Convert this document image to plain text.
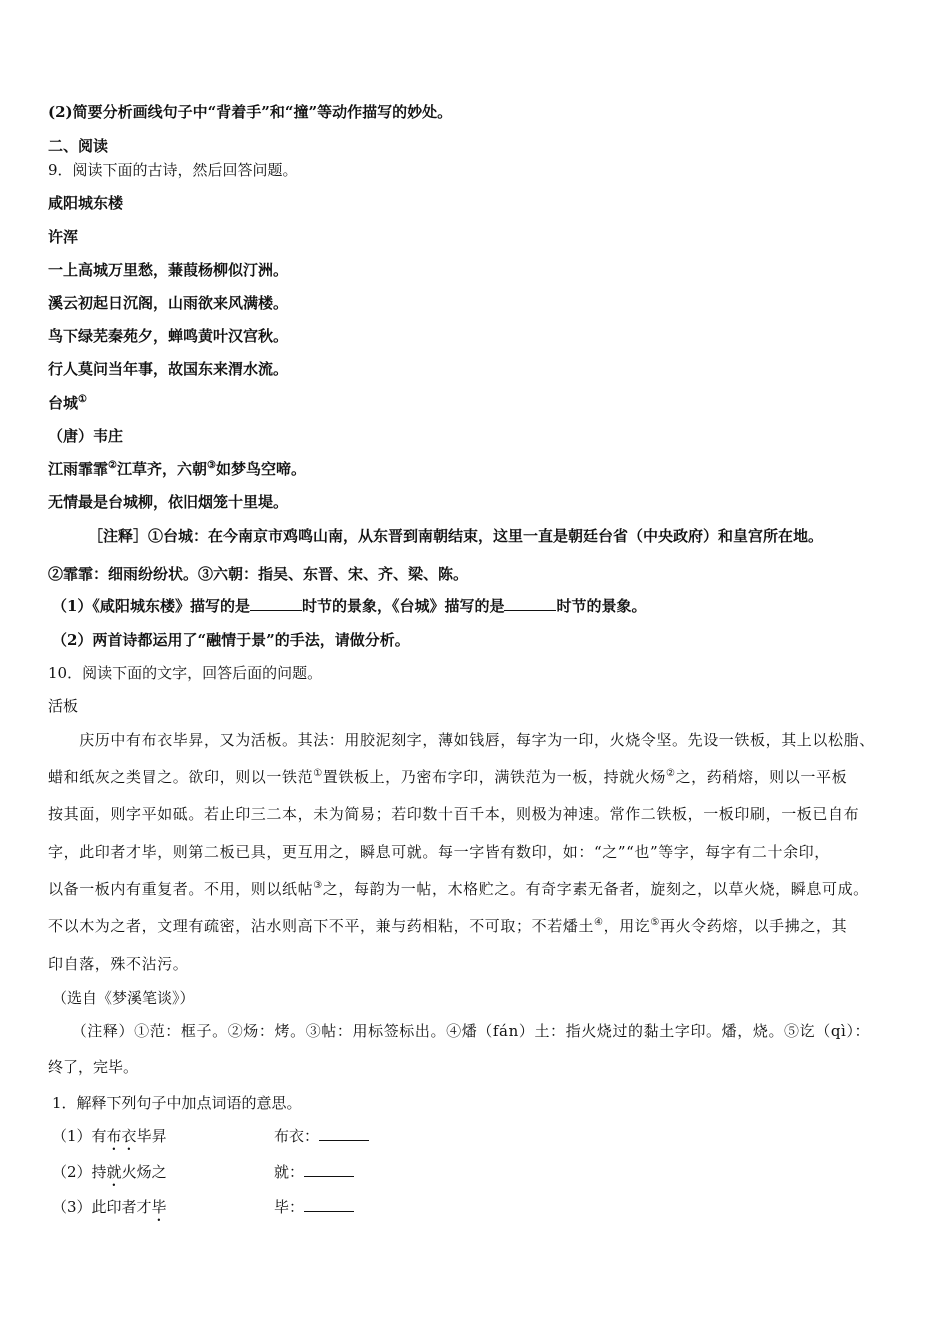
(2)简要分析画线句子中“背着手”和“撞”等动作描写的妙处。
二、阅读
9．阅读下面的古诗，然后回答问题。
咸阳城东楼
许浑
一上高城万里愁，蒹葭杨柳似汀洲。
溪云初起日沉阁，山雨欲来风满楼。
鸟下绿芜秦苑夕，蝉鸣黄叶汉宫秋。
行人莫问当年事，故国东来渭水流。
台城①
（唐）韦庄
江雨霏霏②江草齐，六朝③如梦鸟空啼。
无情最是台城柳，依旧烟笼十里堤。
［注释］①台城：在今南京市鸡鸣山南，从东晋到南朝结束，这里一直是朝廷台省（中央政府）和皇宫所在地。
②霏霏：细雨纷纷状。③六朝：指吴、东晋、宋、齐、梁、陈。
（1）《咸阳城东楼》描写的是	时节的景象，《台城》描写的是	时节的景象。
（2）两首诗都运用了“融情于景”的手法，请做分析。
10．阅读下面的文字，回答后面的问题。
活板
　　庆历中有布衣毕昇，又为活板。其法：用胶泥刻字，薄如钱唇，每字为一印，火烧令坚。先设一铁板，其上以松脂、
蜡和纸灰之类冒之。欲印，则以一铁范①置铁板上，乃密布字印，满铁范为一板，持就火炀②之，药稍熔，则以一平板
按其面，则字平如砥。若止印三二本，未为简易；若印数十百千本，则极为神速。常作二铁板，一板印刷，一板已自布
字，此印者才毕，则第二板已具，更互用之，瞬息可就。每一字皆有数印，如：“之”“也”等字，每字有二十余印，
以备一板内有重复者。不用，则以纸帖③之，每韵为一帖，木格贮之。有奇字素无备者，旋刻之，以草火烧，瞬息可成。
不以木为之者，文理有疏密，沾水则高下不平，兼与药相粘，不可取；不若燔土④，用讫⑤再火令药熔，以手拂之，其
印自落，殊不沾污。
（选自《梦溪笔谈》）
　　（注释）①范：框子。②炀：烤。③帖：用标签标出。④燔（fán）土：指火烧过的黏土字印。燔，烧。⑤讫（qì）：
终了，完毕。
1．解释下列句子中加点词语的意思。
（1）有布衣毕昇	布衣：
（2）持就火炀之	就：
（3）此印者才毕	毕：
